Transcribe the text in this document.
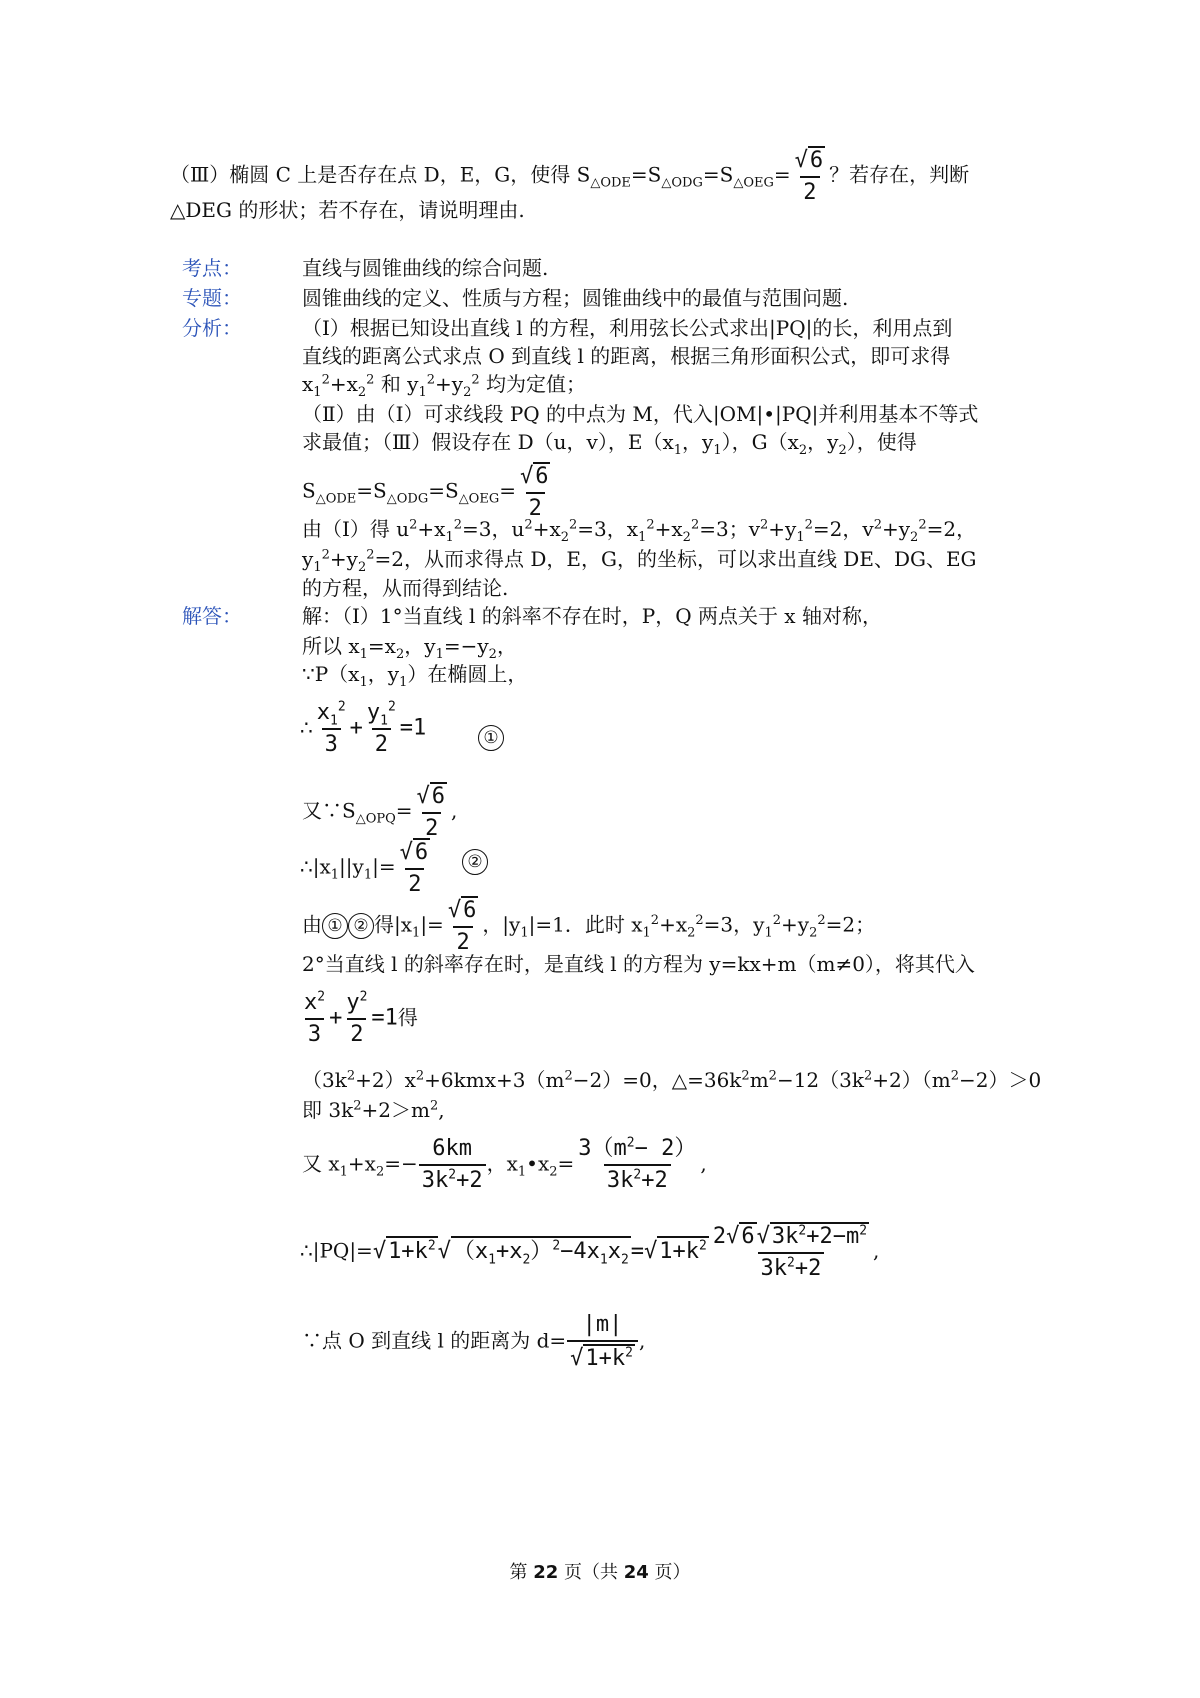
（Ⅲ）椭圆 C 上是否存在点 D，E，G，使得 $S_{\triangle ODE}=S_{\triangle ODG}=S_{\triangle OEG}= \frac{√6}{2}$ ？若存在，判断
△DEG 的形状；若不存在，请说明理由.
考点：	直线与圆锥曲线的综合问题.
专题：	圆锥曲线的定义、性质与方程；圆锥曲线中的最值与范围问题.
分析：	（Ⅰ）根据已知设出直线 l 的方程，利用弦长公式求出|PQ|的长，利用点到
直线的距离公式求点 O 到直线 l 的距离，根据三角形面积公式，即可求得
$x_1^2+x_2^2$ 和 $y_1^2+y_2^2$ 均为定值；
（Ⅱ）由（Ⅰ）可求线段 PQ 的中点为 M，代入|OM|•|PQ|并利用基本不等式
求最值；（Ⅲ）假设存在 D（u，v），$E(x_1$，$y_1$），$G(x_2$，$y_2$），使得
$S_{\triangle ODE}=S_{\triangle ODG}=S_{\triangle OEG}= \frac{√6}{2}$
由（Ⅰ）得 $u^2+x_1^2=3$，$u^2+x_2^2=3$，$x_1^2+x_2^2=3$；$v^2+y_1^2=2$，$v^2+y_2^2=2$，
$y_1^2+y_2^2=2$，从而求得点 D，E，G，的坐标，可以求出直线 DE、DG、EG
的方程，从而得到结论.
解答：	解：（Ⅰ）1°当直线 l 的斜率不存在时，P，Q 两点关于 x 轴对称，
所以 $x_1=x_2$，$y_1=-y_2$，
$\because P(x_1$，$y_1$）在椭圆上，
∴ $\frac{x_1^2}{3} + \frac{y_1^2}{2} =1$	①
又$\because S_{\triangle OPQ}= \frac{√6}{2}$ ,
$\therefore|x_1||y_1|= \frac{√6}{2}$	②
由 ① ② 得$|x_1|= \frac{√6}{2}$ ，$|y_1|=1$．此时 $x_1^2+x_2^2=3$，$y_1^2+y_2^2=2$；
2°当直线 l 的斜率存在时，是直线 l 的方程为 y=kx+m（m≠0），将其代入
$\frac{x^2}{3} + \frac{y^2}{2} =1$得
$(3k^2+2)x^2+6kmx+3(m^2-2)=0$，$\triangle=36k^2m^2-12(3k^2+2)(m^2-2)>0$
即 $3k^2+2>m^2$,
又 $x_1+x_2=- \frac{6km}{3k^2+2}$ ，$x_1•x_2= \frac{3(m^2- 2)}{3k^2+2}$ ,
$\therefore|PQ|=√1+k^2√(x_1+x_2)^2-4x_1x_2=√1+k^2 \frac{2√6√3k^2+2-m^2}{3k^2+2}$ ,
∵点 O 到直线 l 的距离为 $d= \frac{|m|}{√1+k^2}$ ,
第 22 页（共 24 页）
